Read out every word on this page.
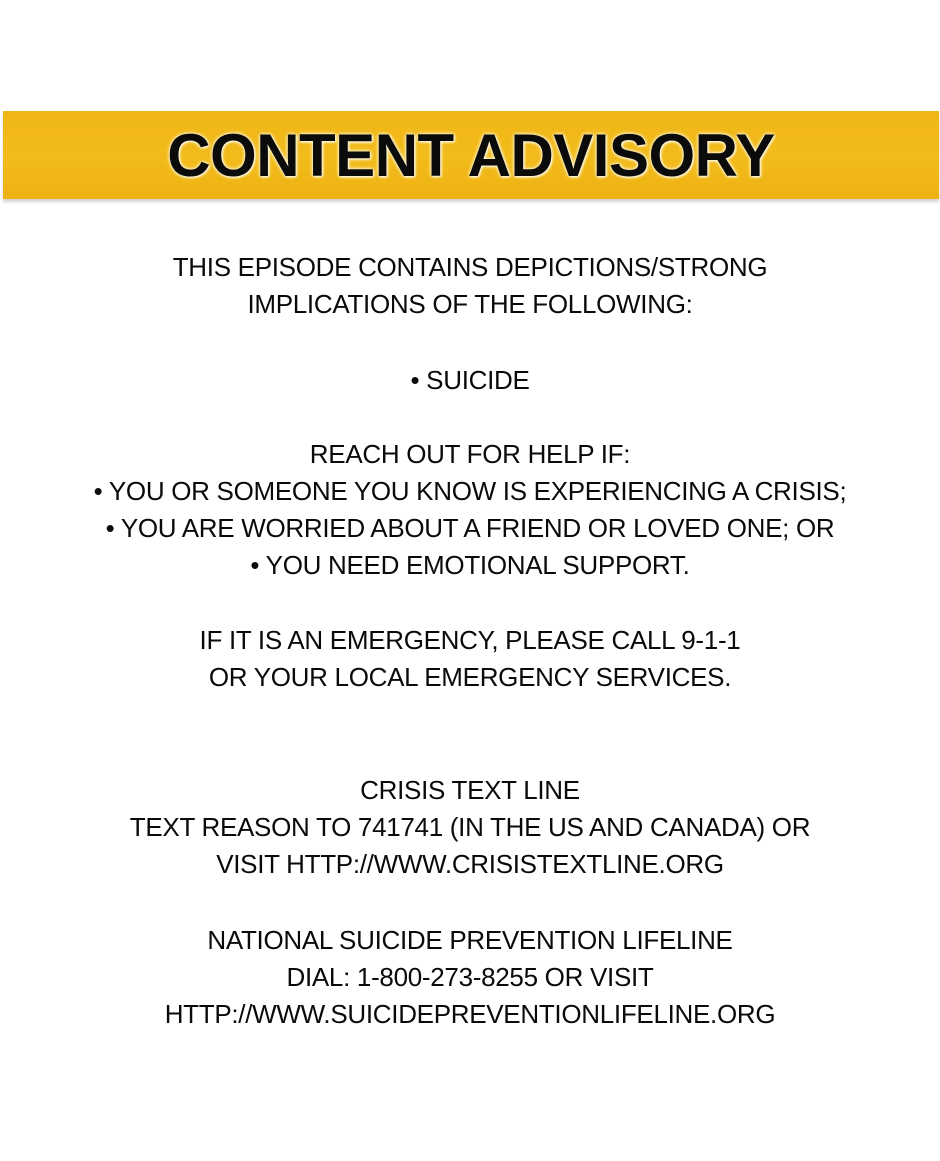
CONTENT ADVISORY
THIS EPISODE CONTAINS DEPICTIONS/STRONG
IMPLICATIONS OF THE FOLLOWING:
• SUICIDE
REACH OUT FOR HELP IF:
• YOU OR SOMEONE YOU KNOW IS EXPERIENCING A CRISIS;
• YOU ARE WORRIED ABOUT A FRIEND OR LOVED ONE; OR
• YOU NEED EMOTIONAL SUPPORT.
IF IT IS AN EMERGENCY, PLEASE CALL 9-1-1
OR YOUR LOCAL EMERGENCY SERVICES.
CRISIS TEXT LINE
TEXT REASON TO 741741 (IN THE US AND CANADA) OR
VISIT HTTP://WWW.CRISISTEXTLINE.ORG
NATIONAL SUICIDE PREVENTION LIFELINE
DIAL: 1-800-273-8255 OR VISIT
HTTP://WWW.SUICIDEPREVENTIONLIFELINE.ORG
